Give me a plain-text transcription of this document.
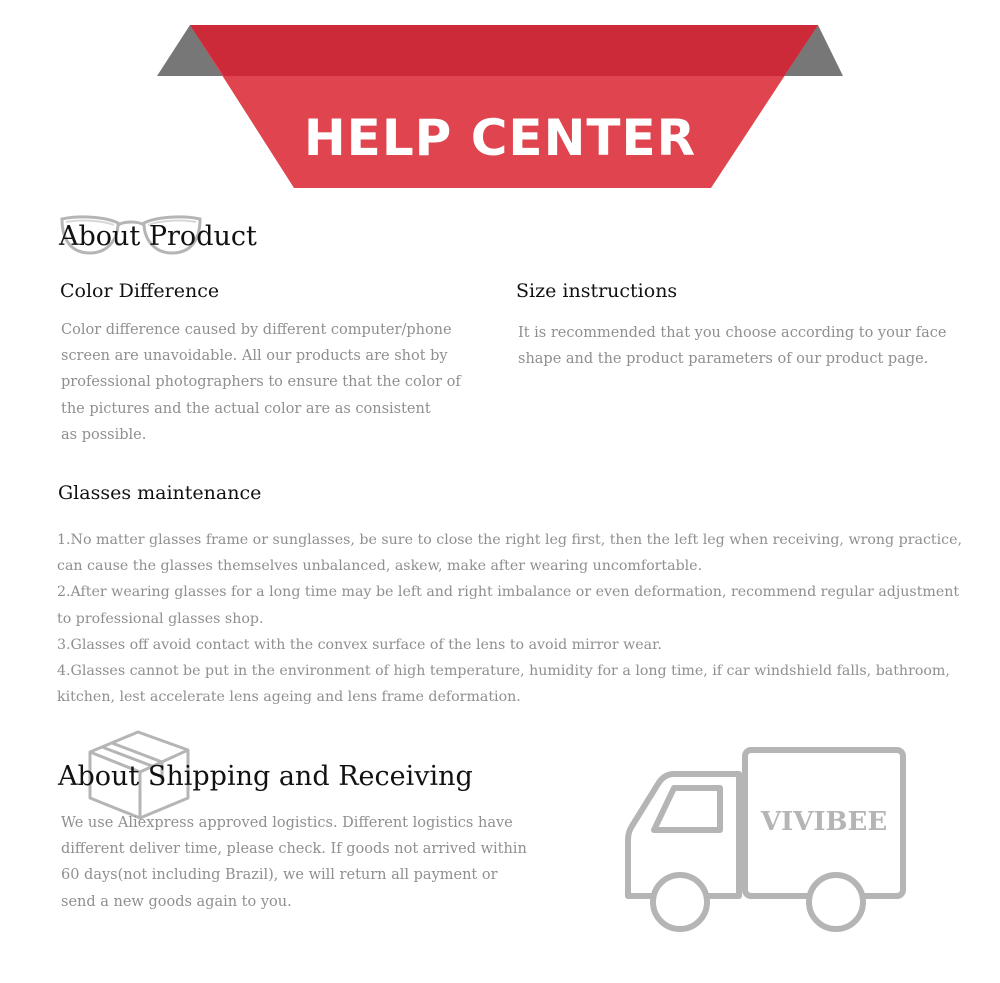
HELP CENTER
About Product
Color Difference
Color difference caused by different computer/phone
screen are unavoidable. All our products are shot by
professional photographers to ensure that the color of
the pictures and the actual color are as consistent
as possible.
Size instructions
It is recommended that you choose according to your face
shape and the product parameters of our product page.
Glasses maintenance
1.No matter glasses frame or sunglasses, be sure to close the right leg first, then the left leg when receiving, wrong practice,
can cause the glasses themselves unbalanced, askew, make after wearing uncomfortable.
2.After wearing glasses for a long time may be left and right imbalance or even deformation, recommend regular adjustment
to professional glasses shop.
3.Glasses off avoid contact with the convex surface of the lens to avoid mirror wear.
4.Glasses cannot be put in the environment of high temperature, humidity for a long time, if car windshield falls, bathroom,
kitchen, lest accelerate lens ageing and lens frame deformation.
About Shipping and Receiving
We use Aliexpress approved logistics. Different logistics have
different deliver time, please check. If goods not arrived within
60 days(not including Brazil), we will return all payment or
send a new goods again to you.
VIVIBEE
